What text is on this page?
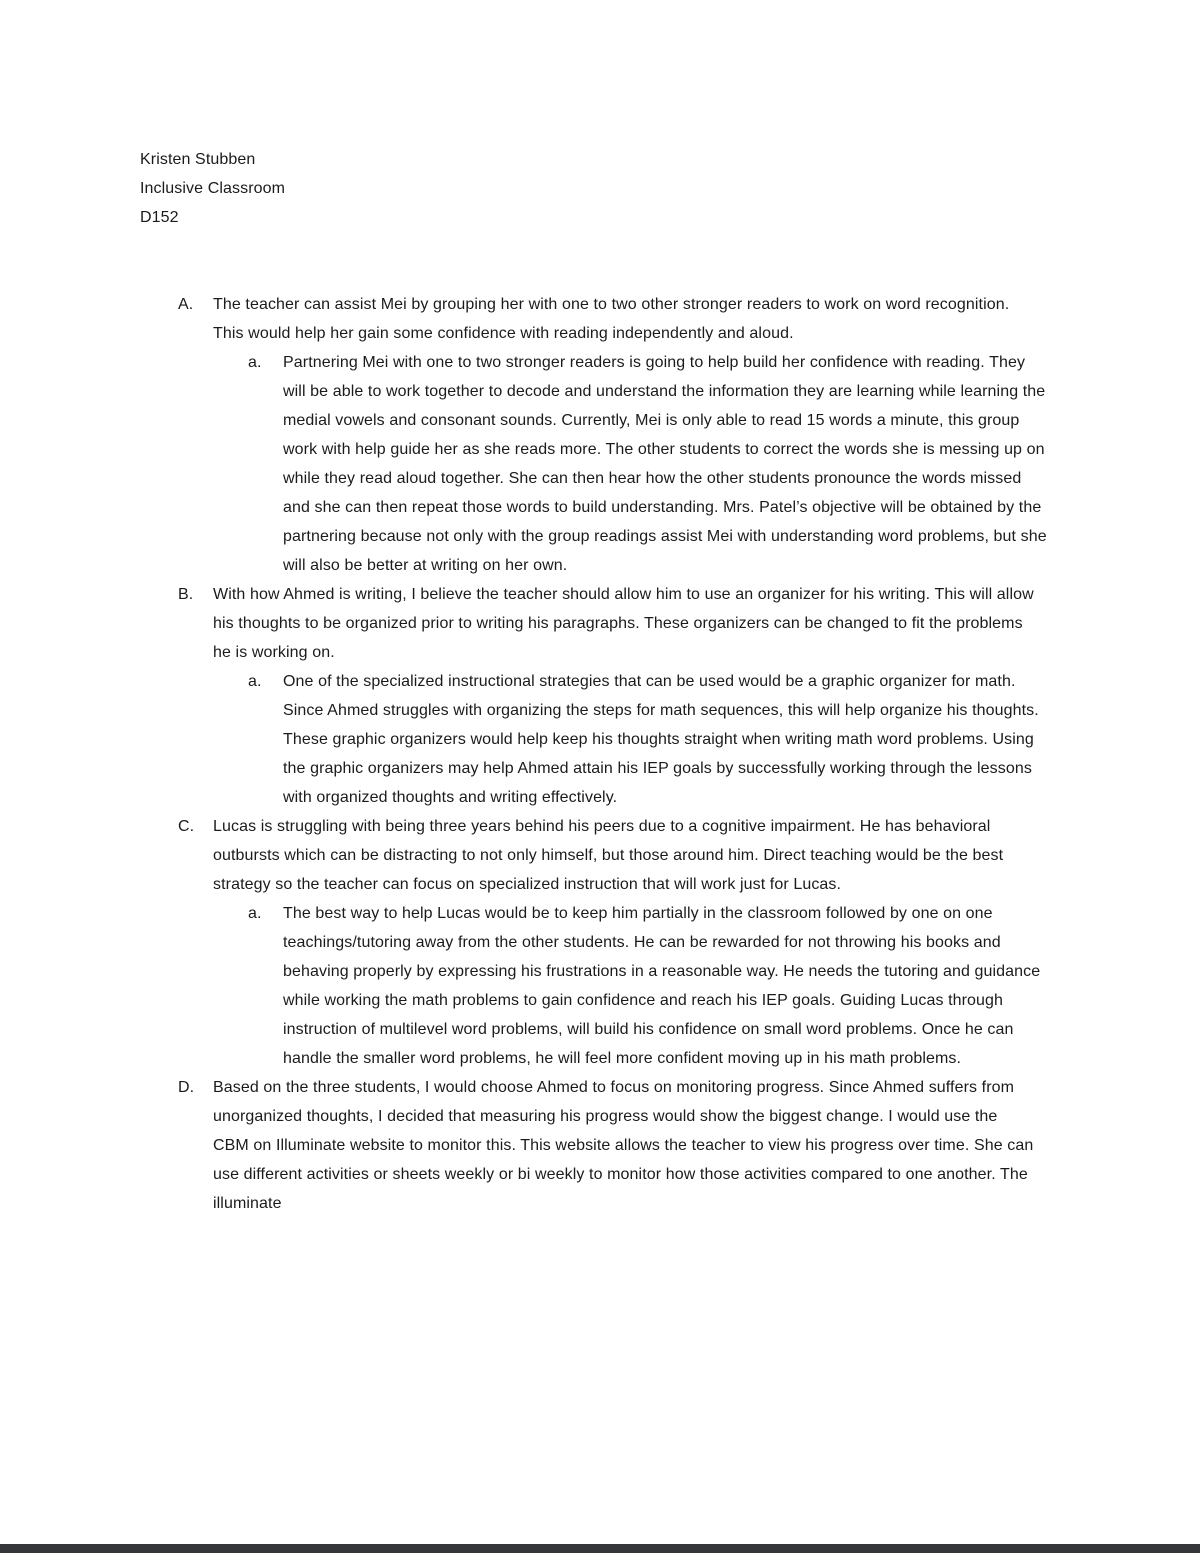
Kristen Stubben
Inclusive Classroom
D152
A.	The teacher can assist Mei by grouping her with one to two other stronger readers to work on word recognition. This would help her gain some confidence with reading independently and aloud.
a.	Partnering Mei with one to two stronger readers is going to help build her confidence with reading. They will be able to work together to decode and understand the information they are learning while learning the medial vowels and consonant sounds. Currently, Mei is only able to read 15 words a minute, this group work with help guide her as she reads more. The other students to correct the words she is messing up on while they read aloud together. She can then hear how the other students pronounce the words missed and she can then repeat those words to build understanding. Mrs. Patel’s objective will be obtained by the partnering because not only with the group readings assist Mei with understanding word problems, but she will also be better at writing on her own.
B.	With how Ahmed is writing, I believe the teacher should allow him to use an organizer for his writing. This will allow his thoughts to be organized prior to writing his paragraphs. These organizers can be changed to fit the problems he is working on.
a.	One of the specialized instructional strategies that can be used would be a graphic organizer for math. Since Ahmed struggles with organizing the steps for math sequences, this will help organize his thoughts. These graphic organizers would help keep his thoughts straight when writing math word problems. Using the graphic organizers may help Ahmed attain his IEP goals by successfully working through the lessons with organized thoughts and writing effectively.
C.	Lucas is struggling with being three years behind his peers due to a cognitive impairment. He has behavioral outbursts which can be distracting to not only himself, but those around him. Direct teaching would be the best strategy so the teacher can focus on specialized instruction that will work just for Lucas.
a.	The best way to help Lucas would be to keep him partially in the classroom followed by one on one teachings/tutoring away from the other students. He can be rewarded for not throwing his books and behaving properly by expressing his frustrations in a reasonable way. He needs the tutoring and guidance while working the math problems to gain confidence and reach his IEP goals. Guiding Lucas through instruction of multilevel word problems, will build his confidence on small word problems. Once he can handle the smaller word problems, he will feel more confident moving up in his math problems.
D.	Based on the three students, I would choose Ahmed to focus on monitoring progress. Since Ahmed suffers from unorganized thoughts, I decided that measuring his progress would show the biggest change. I would use the CBM on Illuminate website to monitor this. This website allows the teacher to view his progress over time. She can use different activities or sheets weekly or bi weekly to monitor how those activities compared to one another. The illuminate
